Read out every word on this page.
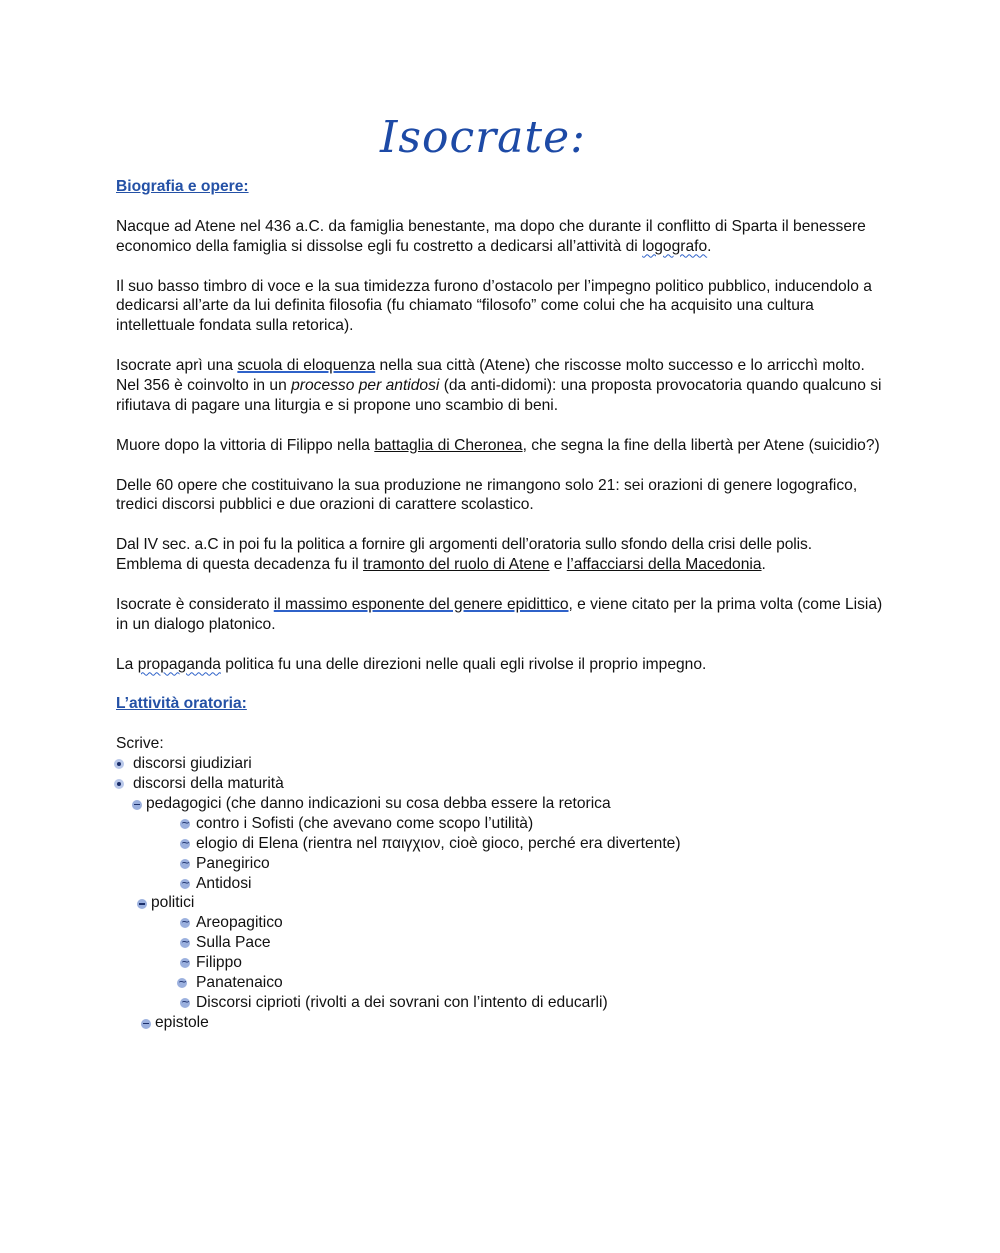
Isocrate:
Biografia e opere:

Nacque ad Atene nel 436 a.C. da famiglia benestante, ma dopo che durante il conflitto di Sparta il benessere economico della famiglia si dissolse egli fu costretto a dedicarsi all’attività di logografo.

Il suo basso timbro di voce e la sua timidezza furono d’ostacolo per l’impegno politico pubblico, inducendolo a dedicarsi all’arte da lui definita filosofia (fu chiamato “filosofo” come colui che ha acquisito una cultura intellettuale fondata sulla retorica).

Isocrate aprì una scuola di eloquenza nella sua città (Atene) che riscosse molto successo e lo arricchì molto.

Nel 356 è coinvolto in un processo per antidosi (da anti-didomi): una proposta provocatoria quando qualcuno si rifiutava di pagare una liturgia e si propone uno scambio di beni.

Muore dopo la vittoria di Filippo nella battaglia di Cheronea, che segna la fine della libertà per Atene (suicidio?)

Delle 60 opere che costituivano la sua produzione ne rimangono solo 21: sei orazioni di genere logografico, tredici discorsi pubblici e due orazioni di carattere scolastico.

Dal IV sec. a.C in poi fu la politica a fornire gli argomenti dell’oratoria sullo sfondo della crisi delle polis.

Emblema di questa decadenza fu il tramonto del ruolo di Atene e l’affacciarsi della Macedonia.

Isocrate è considerato il massimo esponente del genere epidittico, e viene citato per la prima volta (come Lisia) in un dialogo platonico.

La propaganda politica fu una delle direzioni nelle quali egli rivolse il proprio impegno.

L’attività oratoria:
Scrive:
discorsi giudiziari
discorsi della maturità
pedagogici (che danno indicazioni su cosa debba essere la retorica
~
contro i Sofisti (che avevano come scopo l’utilità)
~
elogio di Elena (rientra nel παιγχιον, cioè gioco, perché era divertente)
~
Panegirico
~
Antidosi
politici
~
Areopagitico
~
Sulla Pace
~
Filippo
~
Panatenaico
~
Discorsi ciprioti (rivolti a dei sovrani con l’intento di educarli)
epistole
